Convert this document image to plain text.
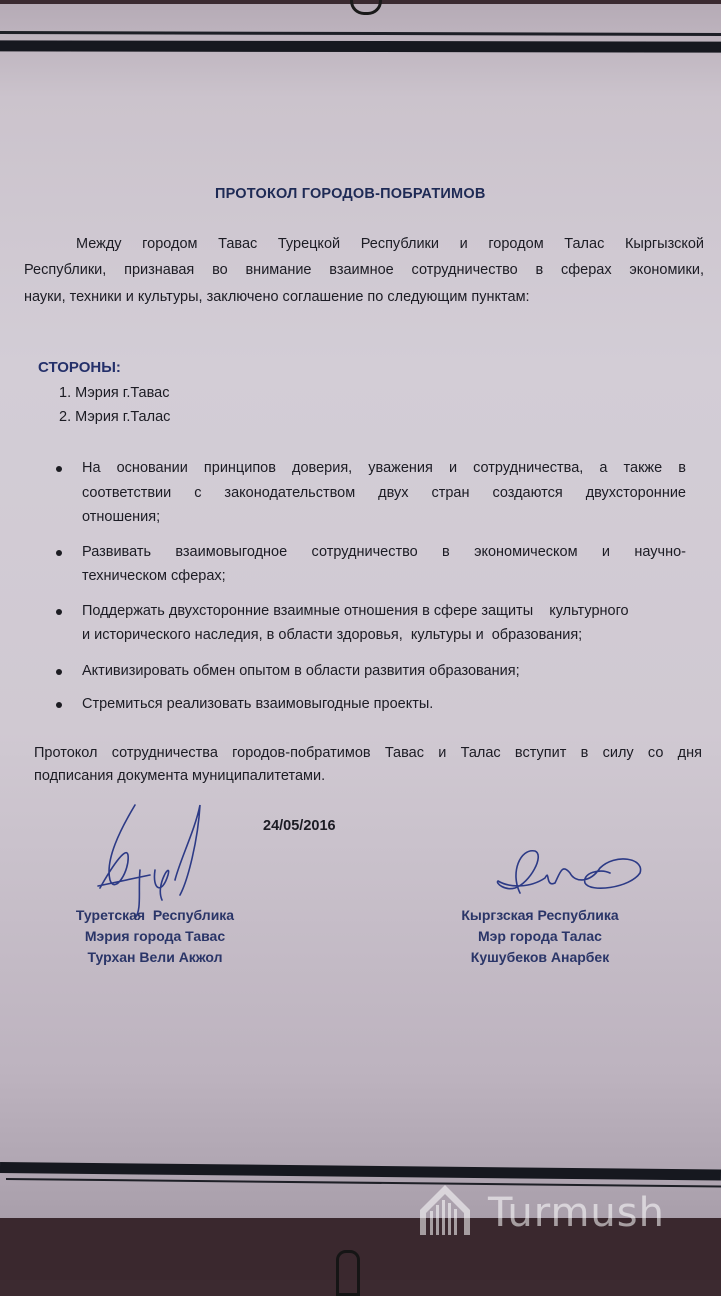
ПРОТОКОЛ ГОРОДОВ-ПОБРАТИМОВ
Между городом Тавас Турецкой Республики и городом Талас Кыргызской
Республики, признавая во внимание взаимное сотрудничество в сферах экономики,
науки, техники и культуры, заключено соглашение по следующим пунктам:
СТОРОНЫ:
1. Мэрия г.Тавас
2. Мэрия г.Талас
На основании принципов доверия, уважения и сотрудничества, а также в
соответствии с законодательством двух стран создаются двухсторонние
отношения;
Развивать взаимовыгодное сотрудничество в экономическом и научно-
техническом сферах;
Поддержать двухсторонние взаимные отношения в сфере защиты    культурного
и исторического наследия, в области здоровья,  культуры и  образования;
Активизировать обмен опытом в области развития образования;
Стремиться реализовать взаимовыгодные проекты.
Протокол сотрудничества городов-побратимов Тавас и Талас вступит в силу со дня
подписания документа муниципалитетами.
24/05/2016
Туретская  Республика
Мэрия города Тавас
Турхан Вели Акжол
Кыргзская Республика
Мэр города Талас
Кушубеков Анарбек
Turmush
